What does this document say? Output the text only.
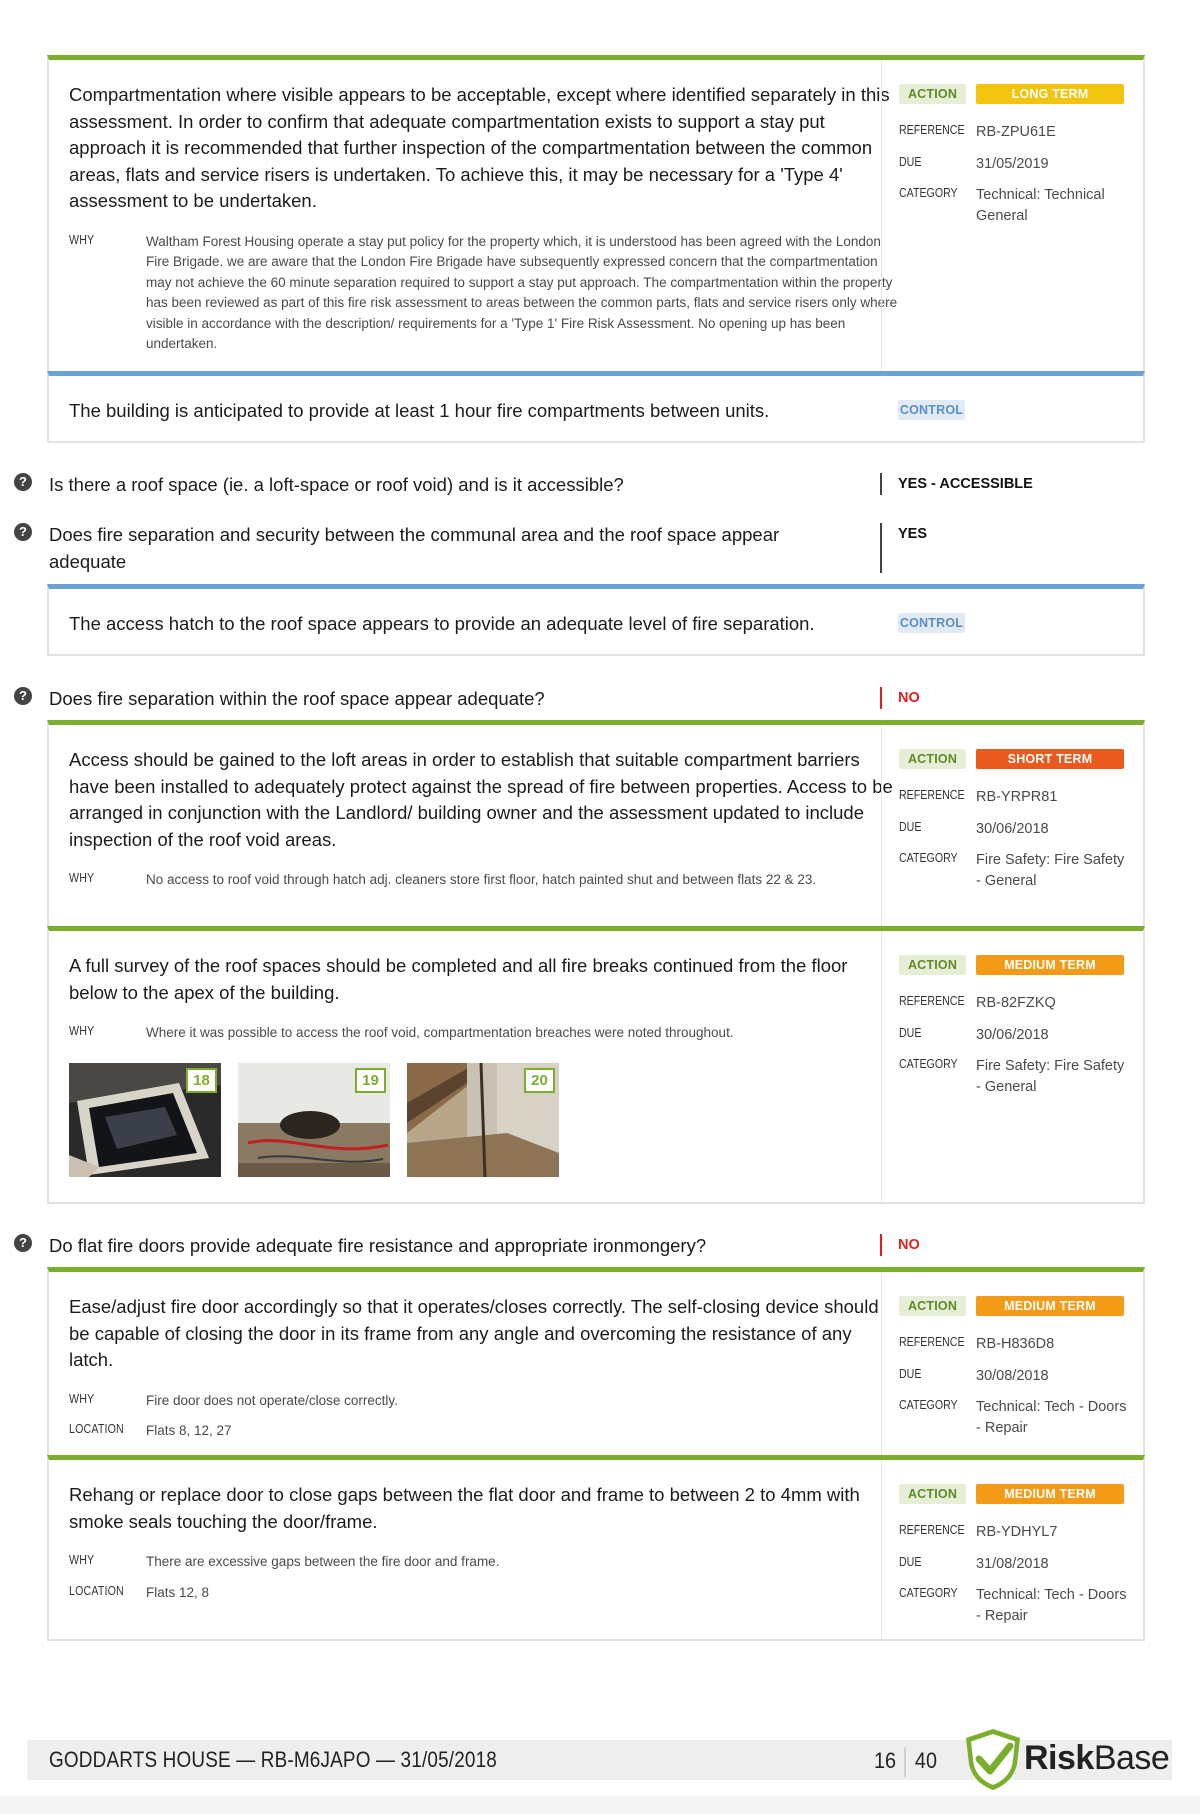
Compartmentation where visible appears to be acceptable, except where identified separately in this assessment. In order to confirm that adequate compartmentation exists to support a stay put approach it is recommended that further inspection of the compartmentation between the common areas, flats and service risers is undertaken. To achieve this, it may be necessary for a 'Type 4' assessment to be undertaken.

WHY	Waltham Forest Housing operate a stay put policy for the property which, it is understood has been agreed with the London Fire Brigade. we are aware that the London Fire Brigade have subsequently expressed concern that the compartmentation may not achieve the 60 minute separation required to support a stay put approach. The compartmentation within the property has been reviewed as part of this fire risk assessment to areas between the common parts, flats and service risers only where visible in accordance with the description/ requirements for a 'Type 1' Fire Risk Assessment. No opening up has been undertaken.
ACTION	LONG TERM
REFERENCE RB-ZPU61E
DUE	31/05/2019
CATEGORY	Technical: Technical General

The building is anticipated to provide at least 1 hour fire compartments between units.	CONTROL
? Is there a roof space (ie. a loft-space or roof void) and is it accessible?	YES - ACCESSIBLE
? Does fire separation and security between the communal area and the roof space appear adequate
YES

The access hatch to the roof space appears to provide an adequate level of fire separation.	CONTROL
? Does fire separation within the roof space appear adequate?	NO

Access should be gained to the loft areas in order to establish that suitable compartment barriers have been installed to adequately protect against the spread of fire between properties. Access to be arranged in conjunction with the Landlord/ building owner and the assessment updated to include inspection of the roof void areas.

WHY	No access to roof void through hatch adj. cleaners store first floor, hatch painted shut and between flats 22 & 23.
ACTION	SHORT TERM
REFERENCE RB-YRPR81
DUE	30/06/2018
CATEGORY	Fire Safety: Fire Safety - General

A full survey of the roof spaces should be completed and all fire breaks continued from the floor below to the apex of the building.

WHY	Where it was possible to access the roof void, compartmentation breaches were noted throughout.
18	19	20
ACTION	MEDIUM TERM
REFERENCE RB-82FZKQ
DUE	30/06/2018
CATEGORY	Fire Safety: Fire Safety - General
? Do flat fire doors provide adequate fire resistance and appropriate ironmongery?	NO

Ease/adjust fire door accordingly so that it operates/closes correctly. The self-closing device should be capable of closing the door in its frame from any angle and overcoming the resistance of any latch.

WHY	Fire door does not operate/close correctly.
LOCATION	Flats 8, 12, 27
ACTION	MEDIUM TERM
REFERENCE RB-H836D8
DUE	30/08/2018
CATEGORY	Technical: Tech - Doors - Repair

Rehang or replace door to close gaps between the flat door and frame to between 2 to 4mm with smoke seals touching the door/frame.

WHY	There are excessive gaps between the fire door and frame.
LOCATION	Flats 12, 8
ACTION	MEDIUM TERM
REFERENCE RB-YDHYL7
DUE	31/08/2018
CATEGORY	Technical: Tech - Doors - Repair
GODDARTS HOUSE — RB-M6JAPO — 31/05/2018	16 40	RiskBase
